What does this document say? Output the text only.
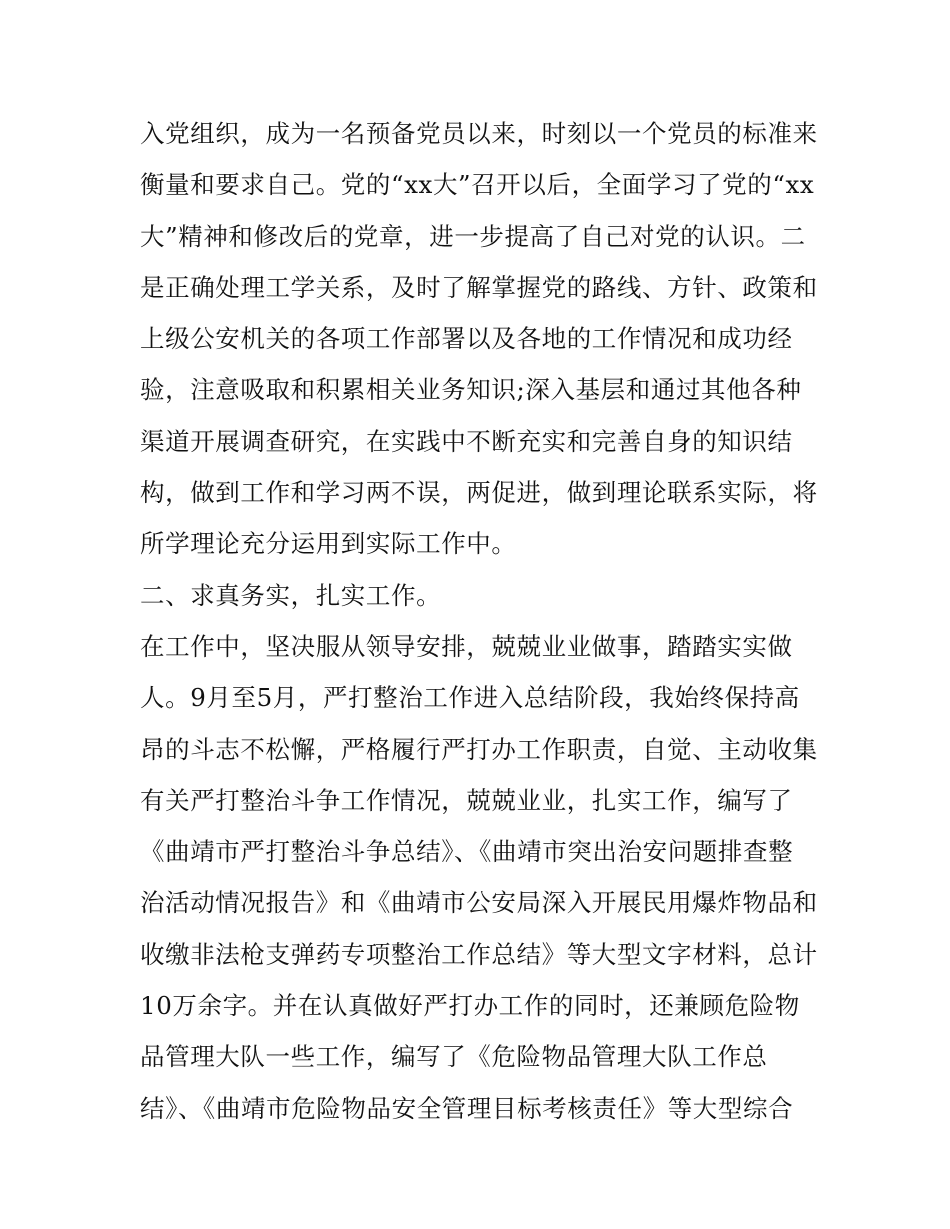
入党组织，成为一名预备党员以来，时刻以一个党员的标准来
衡量和要求自己。党的“xx大”召开以后，全面学习了党的“xx
大”精神和修改后的党章，进一步提高了自己对党的认识。二
是正确处理工学关系，及时了解掌握党的路线、方针、政策和
上级公安机关的各项工作部署以及各地的工作情况和成功经
验，注意吸取和积累相关业务知识;深入基层和通过其他各种
渠道开展调查研究，在实践中不断充实和完善自身的知识结
构，做到工作和学习两不误，两促进，做到理论联系实际，将
所学理论充分运用到实际工作中。
二、求真务实，扎实工作。
在工作中，坚决服从领导安排，兢兢业业做事，踏踏实实做
人。9月至5月，严打整治工作进入总结阶段，我始终保持高
昂的斗志不松懈，严格履行严打办工作职责，自觉、主动收集
有关严打整治斗争工作情况，兢兢业业，扎实工作，编写了
《曲靖市严打整治斗争总结》、《曲靖市突出治安问题排查整
治活动情况报告》和《曲靖市公安局深入开展民用爆炸物品和
收缴非法枪支弹药专项整治工作总结》等大型文字材料，总计
10万余字。并在认真做好严打办工作的同时，还兼顾危险物
品管理大队一些工作，编写了《危险物品管理大队工作总
结》、《曲靖市危险物品安全管理目标考核责任》等大型综合
